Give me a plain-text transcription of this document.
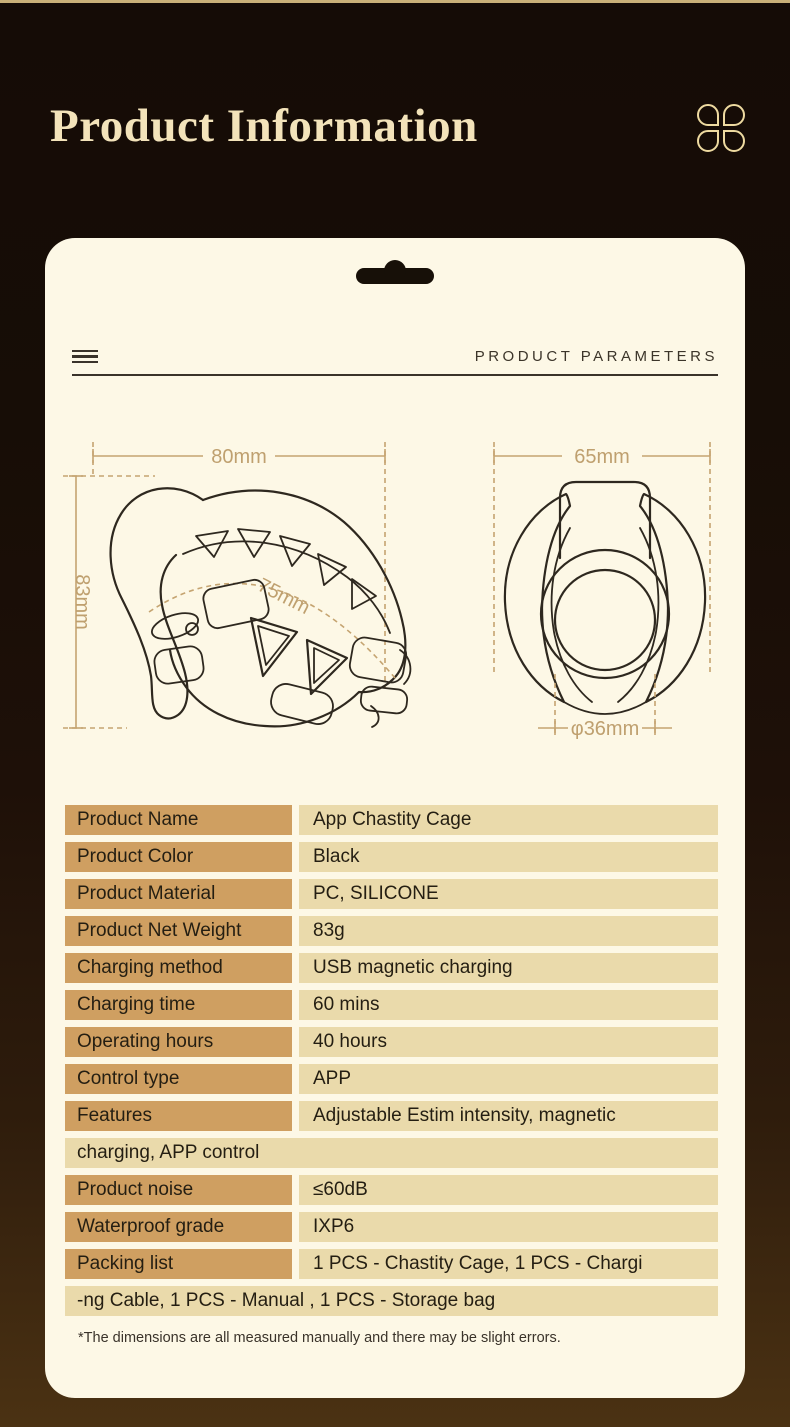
Product Information
PRODUCT PARAMETERS
80mm
83mm	75mm
65mm
φ36mm
Product Name	App Chastity Cage
Product Color	Black
Product Material	PC, SILICONE
Product Net Weight	83g
Charging method	USB magnetic charging
Charging time	60 mins
Operating hours	40 hours
Control type	APP
Features	Adjustable Estim intensity, magnetic
charging, APP control
Product noise	≤60dB
Waterproof grade	IXP6
Packing list	1 PCS - Chastity Cage, 1 PCS - Chargi
-ng Cable, 1 PCS - Manual , 1 PCS - Storage bag
*The dimensions are all measured manually and there may be slight errors.
